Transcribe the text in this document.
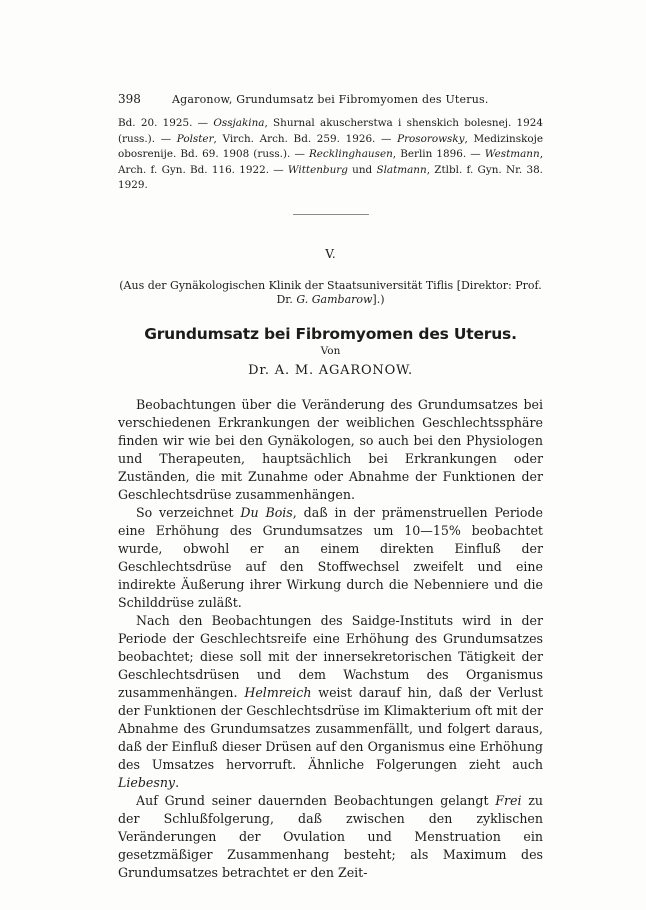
398	Agaronow, Grundumsatz bei Fibromyomen des Uterus.

Bd. 20. 1925. — Ossjakina, Shurnal akuscherstwa i shenskich bolesnej. 1924 (russ.). — Polster, Virch. Arch. Bd. 259. 1926. — Prosorowsky, Medizinskoje obosrenije. Bd. 69. 1908 (russ.). — Recklinghausen, Berlin 1896. — Westmann, Arch. f. Gyn. Bd. 116. 1922. — Wittenburg und Slatmann, Ztlbl. f. Gyn. Nr. 38. 1929.

V.
(Aus der Gynäkologischen Klinik der Staatsuniversität Tiflis [Direktor: Prof. Dr. G. Gambarow].)
Grundumsatz bei Fibromyomen des Uterus.
Von
Dr. A. M. AGARONOW.

Beobachtungen über die Veränderung des Grundumsatzes bei verschiedenen Erkrankungen der weiblichen Geschlechtssphäre finden wir wie bei den Gynäkologen, so auch bei den Physiologen und Therapeuten, hauptsächlich bei Erkrankungen oder Zuständen, die mit Zunahme oder Abnahme der Funktionen der Geschlechtsdrüse zusammenhängen.

So verzeichnet Du Bois, daß in der prämenstruellen Periode eine Erhöhung des Grundumsatzes um 10—15% beobachtet wurde, obwohl er an einem direkten Einfluß der Geschlechtsdrüse auf den Stoffwechsel zweifelt und eine indirekte Äußerung ihrer Wirkung durch die Nebenniere und die Schilddrüse zuläßt.

Nach den Beobachtungen des Saidge-Instituts wird in der Periode der Geschlechtsreife eine Erhöhung des Grundumsatzes beobachtet; diese soll mit der innersekretorischen Tätigkeit der Geschlechtsdrüsen und dem Wachstum des Organismus zusammenhängen. Helmreich weist darauf hin, daß der Verlust der Funktionen der Geschlechtsdrüse im Klimakterium oft mit der Abnahme des Grundumsatzes zusammenfällt, und folgert daraus, daß der Einfluß dieser Drüsen auf den Organismus eine Erhöhung des Umsatzes hervorruft. Ähnliche Folgerungen zieht auch Liebesny.

Auf Grund seiner dauernden Beobachtungen gelangt Frei zu der Schlußfolgerung, daß zwischen den zyklischen Veränderungen der Ovulation und Menstruation ein gesetzmäßiger Zusammenhang besteht; als Maximum des Grundumsatzes betrachtet er den Zeit-
